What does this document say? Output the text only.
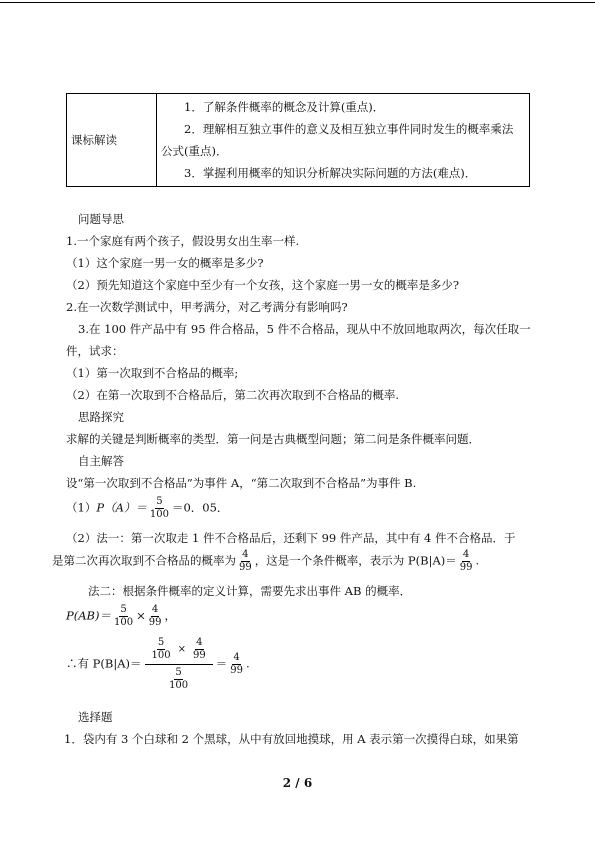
课标解读	
1．了解条件概率的概念及计算(重点)．
2．理解相互独立事件的意义及相互独立事件同时发生的概率乘法公式(重点)．
3．掌握利用概率的知识分析解决实际问题的方法(难点)．
问题导思
1.一个家庭有两个孩子，假设男女出生率一样.
（1）这个家庭一男一女的概率是多少?
（2）预先知道这个家庭中至少有一个女孩，这个家庭一男一女的概率是多少?
2.在一次数学测试中，甲考满分，对乙考满分有影响吗?
3.在 100 件产品中有 95 件合格品，5 件不合格品，现从中不放回地取两次，每次任取一件，试求：
（1）第一次取到不合格品的概率;
（2）在第一次取到不合格品后，第二次再次取到不合格品的概率.
思路探究
求解的关键是判断概率的类型．第一问是古典概型问题；第二问是条件概率问题．
自主解答
设“第一次取到不合格品”为事件 A，“第二次取到不合格品”为事件 B.
$(1)P(A)= \frac{5}{100} =0$．05．
（2）法一：第一次取走 1 件不合格品后，还剩下 99 件产品，其中有 4 件不合格品．于
是第二次再次取到不合格品的概率为 $\frac{4}{99}$ ，这是一个条件概率，表示为 $P(B|A)= \frac{4}{99}$ .
法二：根据条件概率的定义计算，需要先求出事件 AB 的概率．
$P(AB)= \frac{5}{100} \times \frac{4}{99}$ ，
∴有 $P(B|A)= \frac{\frac{5}{100} \times \frac{4}{99}}{\frac{5}{100}} = \frac{4}{99}$ .
选择题
1．袋内有 3 个白球和 2 个黑球，从中有放回地摸球，用 A 表示第一次摸得白球，如果第
2 / 6
